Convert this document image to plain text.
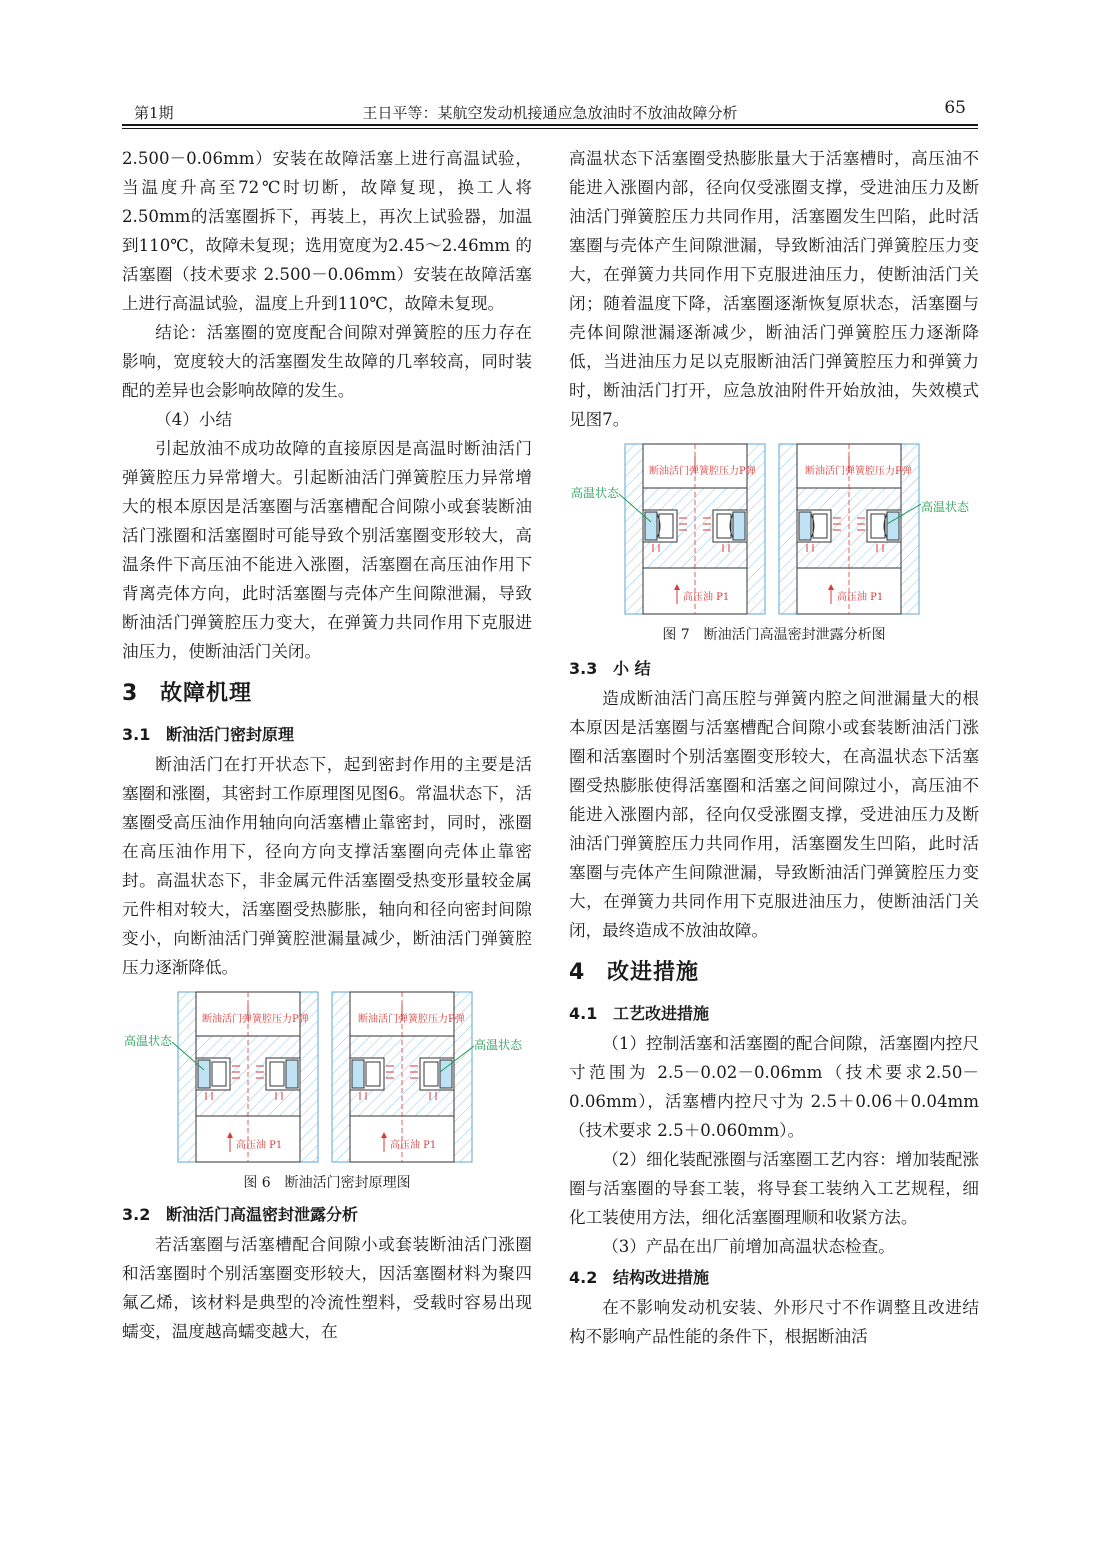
第1期	王日平等：某航空发动机接通应急放油时不放油故障分析	65

2.500－0.06mm）安装在故障活塞上进行高温试验，当温度升高至72℃时切断，故障复现，换工人将2.50mm的活塞圈拆下，再装上，再次上试验器，加温到110℃，故障未复现；选用宽度为2.45～2.46mm 的活塞圈（技术要求 2.500－0.06mm）安装在故障活塞上进行高温试验，温度上升到110℃，故障未复现。

结论：活塞圈的宽度配合间隙对弹簧腔的压力存在影响，宽度较大的活塞圈发生故障的几率较高，同时装配的差异也会影响故障的发生。

（4）小结

引起放油不成功故障的直接原因是高温时断油活门弹簧腔压力异常增大。引起断油活门弹簧腔压力异常增大的根本原因是活塞圈与活塞槽配合间隙小或套装断油活门涨圈和活塞圈时可能导致个别活塞圈变形较大，高温条件下高压油不能进入涨圈，活塞圈在高压油作用下背离壳体方向，此时活塞圈与壳体产生间隙泄漏，导致断油活门弹簧腔压力变大，在弹簧力共同作用下克服进油压力，使断油活门关闭。

3 故障机理
3.1 断油活门密封原理

断油活门在打开状态下，起到密封作用的主要是活塞圈和涨圈，其密封工作原理图见图6。常温状态下，活塞圈受高压油作用轴向向活塞槽止靠密封，同时，涨圈在高压油作用下，径向方向支撑活塞圈向壳体止靠密封。高温状态下，非金属元件活塞圈受热变形量较金属元件相对较大，活塞圈受热膨胀，轴向和径向密封间隙变小，向断油活门弹簧腔泄漏量减少，断油活门弹簧腔压力逐渐降低。

断油活门弹簧腔压力P弹	断油活门弹簧腔压力P弹
高压油 P1	高压油 P1
高温状态	高温状态
图 6 断油活门密封原理图
3.2 断油活门高温密封泄露分析

若活塞圈与活塞槽配合间隙小或套装断油活门涨圈和活塞圈时个别活塞圈变形较大，因活塞圈材料为聚四氟乙烯，该材料是典型的冷流性塑料，受载时容易出现蠕变，温度越高蠕变越大，在

高温状态下活塞圈受热膨胀量大于活塞槽时，高压油不能进入涨圈内部，径向仅受涨圈支撑，受进油压力及断油活门弹簧腔压力共同作用，活塞圈发生凹陷，此时活塞圈与壳体产生间隙泄漏，导致断油活门弹簧腔压力变大，在弹簧力共同作用下克服进油压力，使断油活门关闭；随着温度下降，活塞圈逐渐恢复原状态，活塞圈与壳体间隙泄漏逐渐减少，断油活门弹簧腔压力逐渐降低，当进油压力足以克服断油活门弹簧腔压力和弹簧力时，断油活门打开，应急放油附件开始放油，失效模式见图7。

断油活门弹簧腔压力P弹	断油活门弹簧腔压力P弹
高压油 P1	高压油 P1
高温状态
高温状态
图 7 断油活门高温密封泄露分析图
3.3 小 结

造成断油活门高压腔与弹簧内腔之间泄漏量大的根本原因是活塞圈与活塞槽配合间隙小或套装断油活门涨圈和活塞圈时个别活塞圈变形较大，在高温状态下活塞圈受热膨胀使得活塞圈和活塞之间间隙过小，高压油不能进入涨圈内部，径向仅受涨圈支撑，受进油压力及断油活门弹簧腔压力共同作用，活塞圈发生凹陷，此时活塞圈与壳体产生间隙泄漏，导致断油活门弹簧腔压力变大，在弹簧力共同作用下克服进油压力，使断油活门关闭，最终造成不放油故障。

4 改进措施
4.1 工艺改进措施

（1）控制活塞和活塞圈的配合间隙，活塞圈内控尺寸范围为 2.5－0.02－0.06mm（技术要求2.50－0.06mm），活塞槽内控尺寸为 2.5＋0.06＋0.04mm（技术要求 2.5＋0.060mm）。

（2）细化装配涨圈与活塞圈工艺内容：增加装配涨圈与活塞圈的导套工装，将导套工装纳入工艺规程，细化工装使用方法，细化活塞圈理顺和收紧方法。

（3）产品在出厂前增加高温状态检查。

4.2 结构改进措施

在不影响发动机安装、外形尺寸不作调整且改进结构不影响产品性能的条件下，根据断油活
